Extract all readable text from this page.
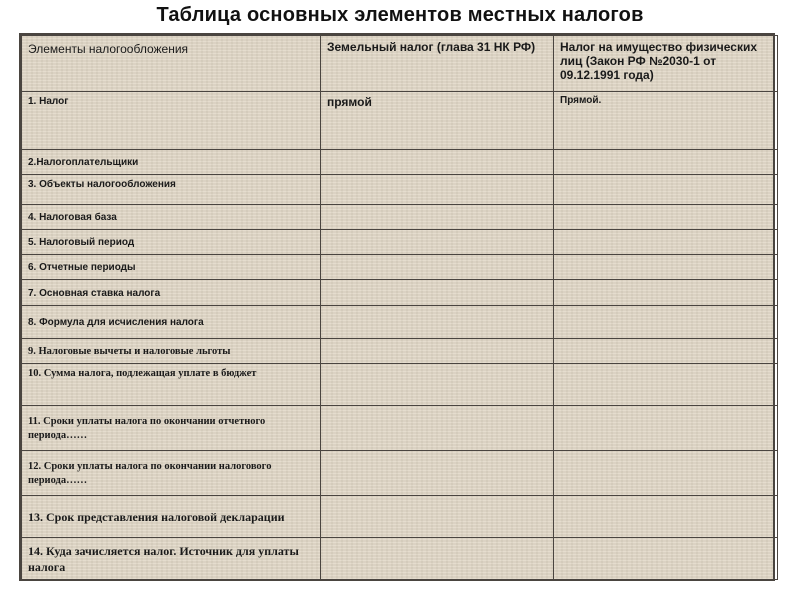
Таблица основных элементов местных налогов
Элементы налогообложения	Земельный налог (глава 31 НК РФ)	Налог на имущество физических лиц (Закон РФ №2030-1 от 09.12.1991 года)
1. Налог	прямой	Прямой.
2.Налогоплательщики		
3. Объекты налогообложения		
4. Налоговая база		
5. Налоговый период		
6. Отчетные периоды		
7. Основная ставка налога		
8. Формула для исчисления налога		
9. Налоговые вычеты и налоговые льготы		
10. Сумма налога, подлежащая уплате в бюджет		
11. Сроки уплаты налога по окончании отчетного периода……		
12. Сроки уплаты налога по окончании налогового периода……		
13. Срок представления налоговой декларации		
14. Куда зачисляется налог. Источник для уплаты налога		
